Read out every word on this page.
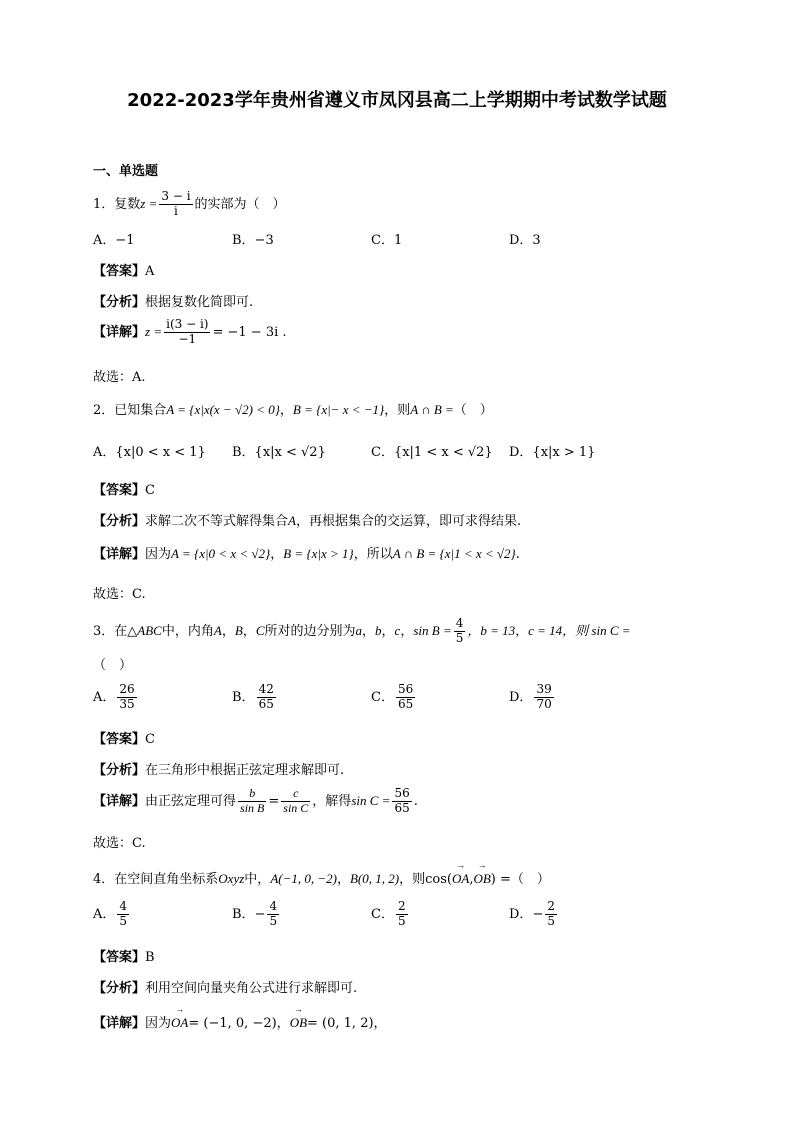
2022-2023学年贵州省遵义市凤冈县高二上学期期中考试数学试题
一、单选题
1．复数$z = \frac{3 - i}{i}$ 的实部为（　）
A．−1	B．−3	C．1	D．3
【答案】A
【分析】根据复数化简即可.
【详解】$z = \frac{i(3 - i)}{-1} = -1 - 3i$ .
故选：A.
2．已知集合A = {x|x(x − √2) < 0}，B = {x|− x < −1}，则A ∩ B =（　）
A．{x|0 < x < 1} B．{x|x < √2}	C．{x|1 < x < √2} D．{x|x > 1}
【答案】C
【分析】求解二次不等式解得集合A，再根据集合的交运算，即可求得结果.
【详解】因为A = {x|0 < x < √2}，B = {x|x > 1}，所以A ∩ B = {x|1 < x < √2}.
故选：C.
3．在△ABC中，内角A，B，C所对的边分别为a，b，c，$\sin B = \frac{4}{5}$ ，b = 13，c = 14，则 sin C =
（　）
A． $\frac{26}{35}$	B． $\frac{42}{65}$	C． $\frac{56}{65}$	D． $\frac{39}{70}$
【答案】C
【分析】在三角形中根据正弦定理求解即可.
【详解】由正弦定理可得 $\frac{b}{\text{sin B}} = \frac{c}{\text{sin C}}$ ，解得$\sin C = \frac{56}{65}$ .
故选：C.
4．在空间直角坐标系Oxyz中，A(−1, 0, −2)，B(0, 1, 2)，则cos(→ OA,→ OB) =（　）
A． $\frac{4}{5}$	B．− $\frac{4}{5}$	C． $\frac{2}{5}$	D．− $\frac{2}{5}$
【答案】B
【分析】利用空间向量夹角公式进行求解即可.
【详解】因为→ OA= (−1, 0, −2)，→ OB= (0, 1, 2)，
